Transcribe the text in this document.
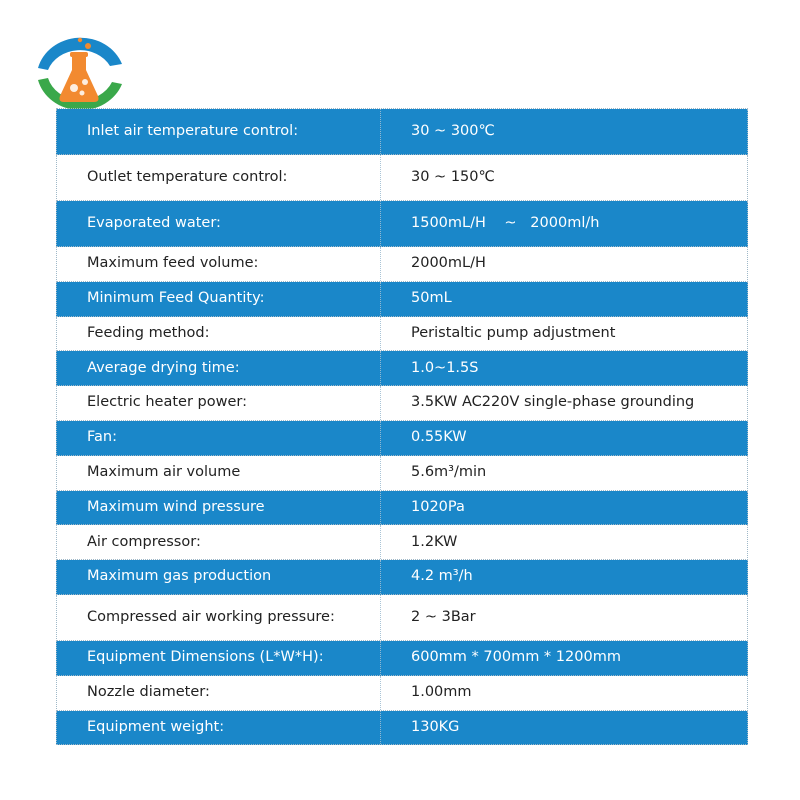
Inlet air temperature control:	30 ~ 300℃
Outlet temperature control:	30 ~ 150℃
Evaporated water:	1500mL/H    ~   2000ml/h
Maximum feed volume:	2000mL/H
Minimum Feed Quantity:	50mL
Feeding method:	Peristaltic pump adjustment
Average drying time:	1.0~1.5S
Electric heater power:	3.5KW AC220V single-phase grounding
Fan:	0.55KW
Maximum air volume	5.6m³/min
Maximum wind pressure	1020Pa
Air compressor:	1.2KW
Maximum gas production	4.2 m³/h
Compressed air working pressure:	2 ~ 3Bar
Equipment Dimensions (L*W*H):	600mm * 700mm * 1200mm
Nozzle diameter:	1.00mm
Equipment weight:	130KG
